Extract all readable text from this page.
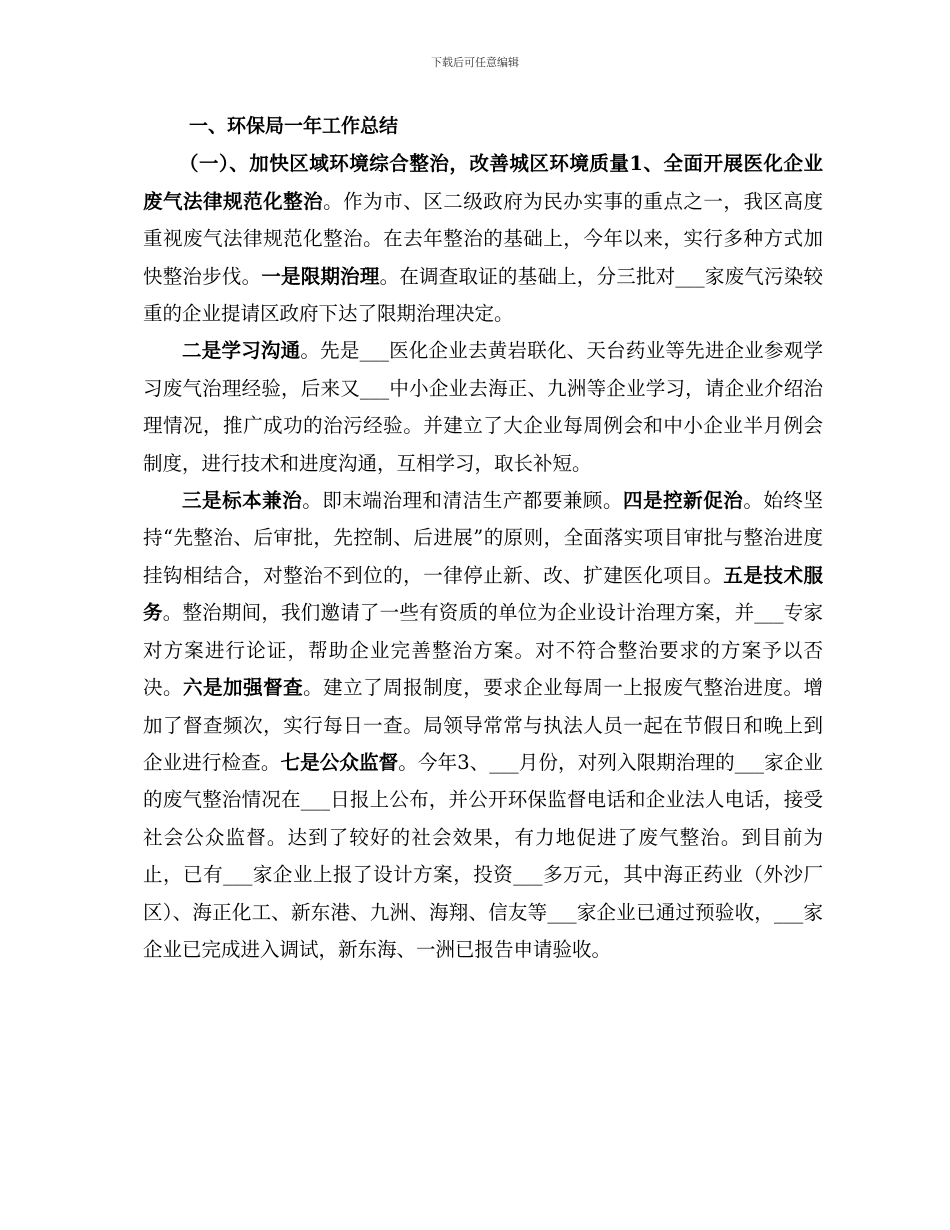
下载后可任意编辑

一、环保局一年工作总结

（一）、加快区域环境综合整治，改善城区环境质量1、全面开展医化企业废气法律规范化整治。作为市、区二级政府为民办实事的重点之一，我区高度重视废气法律规范化整治。在去年整治的基础上，今年以来，实行多种方式加快整治步伐。一是限期治理。在调查取证的基础上，分三批对___家废气污染较重的企业提请区政府下达了限期治理决定。

二是学习沟通。先是___医化企业去黄岩联化、天台药业等先进企业参观学习废气治理经验，后来又___中小企业去海正、九洲等企业学习，请企业介绍治理情况，推广成功的治污经验。并建立了大企业每周例会和中小企业半月例会制度，进行技术和进度沟通，互相学习，取长补短。

三是标本兼治。即末端治理和清洁生产都要兼顾。四是控新促治。始终坚持“先整治、后审批，先控制、后进展”的原则，全面落实项目审批与整治进度挂钩相结合，对整治不到位的，一律停止新、改、扩建医化项目。五是技术服务。整治期间，我们邀请了一些有资质的单位为企业设计治理方案，并___专家对方案进行论证，帮助企业完善整治方案。对不符合整治要求的方案予以否决。六是加强督查。建立了周报制度，要求企业每周一上报废气整治进度。增加了督查频次，实行每日一查。局领导常常与执法人员一起在节假日和晚上到企业进行检查。七是公众监督。今年3、___月份，对列入限期治理的___家企业的废气整治情况在___日报上公布，并公开环保监督电话和企业法人电话，接受社会公众监督。达到了较好的社会效果，有力地促进了废气整治。到目前为止，已有___家企业上报了设计方案，投资___多万元，其中海正药业（外沙厂区）、海正化工、新东港、九洲、海翔、信友等___家企业已通过预验收，___家企业已完成进入调试，新东海、一洲已报告申请验收。
